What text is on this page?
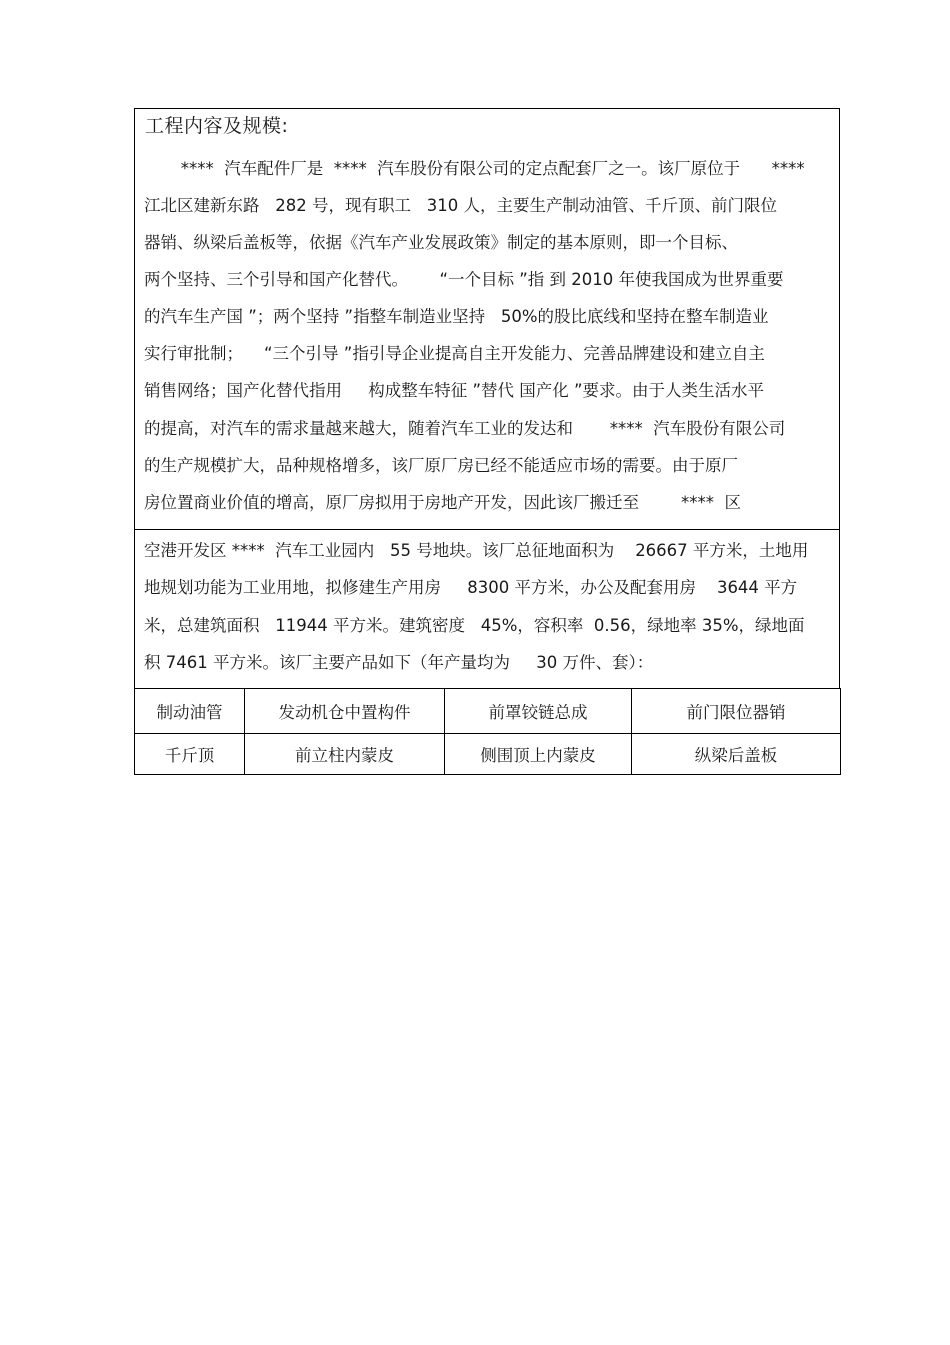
工程内容及规模:
****  汽车配件厂是  ****  汽车股份有限公司的定点配套厂之一。该厂原位于      ****
江北区建新东路   282 号，现有职工   310 人，主要生产制动油管、千斤顶、前门限位
器销、纵梁后盖板等，依据《汽车产业发展政策》制定的基本原则，即一个目标、
两个坚持、三个引导和国产化替代。      “一个目标 ”指 到 2010 年使我国成为世界重要
的汽车生产国 ”；两个坚持 ”指整车制造业坚持   50%的股比底线和坚持在整车制造业
实行审批制；    “三个引导 ”指引导企业提高自主开发能力、完善品牌建设和建立自主
销售网络；国产化替代指用     构成整车特征 ”替代 国产化 ”要求。由于人类生活水平
的提高，对汽车的需求量越来越大，随着汽车工业的发达和       ****  汽车股份有限公司
的生产规模扩大，品种规格增多，该厂原厂房已经不能适应市场的需要。由于原厂
房位置商业价值的增高，原厂房拟用于房地产开发，因此该厂搬迁至        ****  区
空港开发区 ****  汽车工业园内   55 号地块。该厂总征地面积为    26667 平方米，土地用
地规划功能为工业用地，拟修建生产用房     8300 平方米，办公及配套用房    3644 平方
米，总建筑面积   11944 平方米。建筑密度   45%，容积率  0.56，绿地率 35%，绿地面
积 7461 平方米。该厂主要产品如下（年产量均为     30 万件、套）：
制动油管	发动机仓中置构件	前罩铰链总成	前门限位器销
千斤顶	前立柱内蒙皮	侧围顶上内蒙皮	纵梁后盖板
